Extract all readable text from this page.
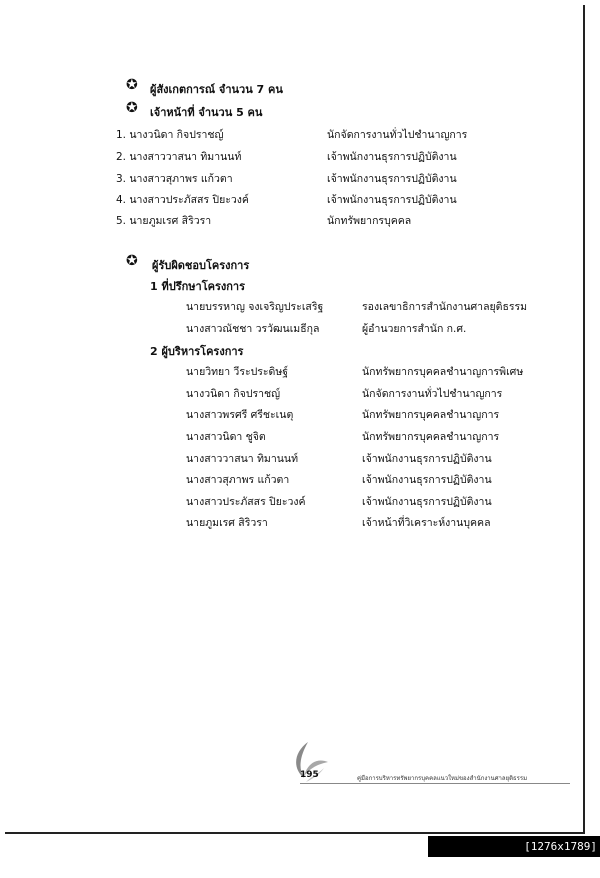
✪ ผู้สังเกตการณ์ จำนวน 7 คน
✪ เจ้าหน้าที่ จำนวน 5 คน
1. นางวนิดา กิจปราชญ์	นักจัดการงานทั่วไปชำนาญการ
2. นางสาววาสนา ทิมานนท์	เจ้าพนักงานธุรการปฏิบัติงาน
3. นางสาวสุภาพร แก้วตา	เจ้าพนักงานธุรการปฏิบัติงาน
4. นางสาวประภัสสร ปิยะวงค์	เจ้าพนักงานธุรการปฏิบัติงาน
5. นายภูมเรศ สิริวรา	นักทรัพยากรบุคคล
✪ ผู้รับผิดชอบโครงการ
1 ที่ปรึกษาโครงการ
นายบรรหาญ จงเจริญประเสริฐ	รองเลขาธิการสำนักงานศาลยุติธรรม
นางสาวณัชชา วรวัฒนเมธีกุล	ผู้อำนวยการสำนัก ก.ศ.
2 ผู้บริหารโครงการ
นายวิทยา วีระประดิษฐ์	นักทรัพยากรบุคคลชำนาญการพิเศษ
นางวนิดา กิจปราชญ์	นักจัดการงานทั่วไปชำนาญการ
นางสาวพรศรี ศรีชะเนตุ	นักทรัพยากรบุคคลชำนาญการ
นางสาวนิดา ชูจิต	นักทรัพยากรบุคคลชำนาญการ
นางสาววาสนา ทิมานนท์	เจ้าพนักงานธุรการปฏิบัติงาน
นางสาวสุภาพร แก้วตา	เจ้าพนักงานธุรการปฏิบัติงาน
นางสาวประภัสสร ปิยะวงค์	เจ้าพนักงานธุรการปฏิบัติงาน
นายภูมเรศ สิริวรา	เจ้าหน้าที่วิเคราะห์งานบุคคล
195	คู่มือการบริหารทรัพยากรบุคคลแนวใหม่ของสำนักงานศาลยุติธรรม
[1276x1789] https://upic.me/
